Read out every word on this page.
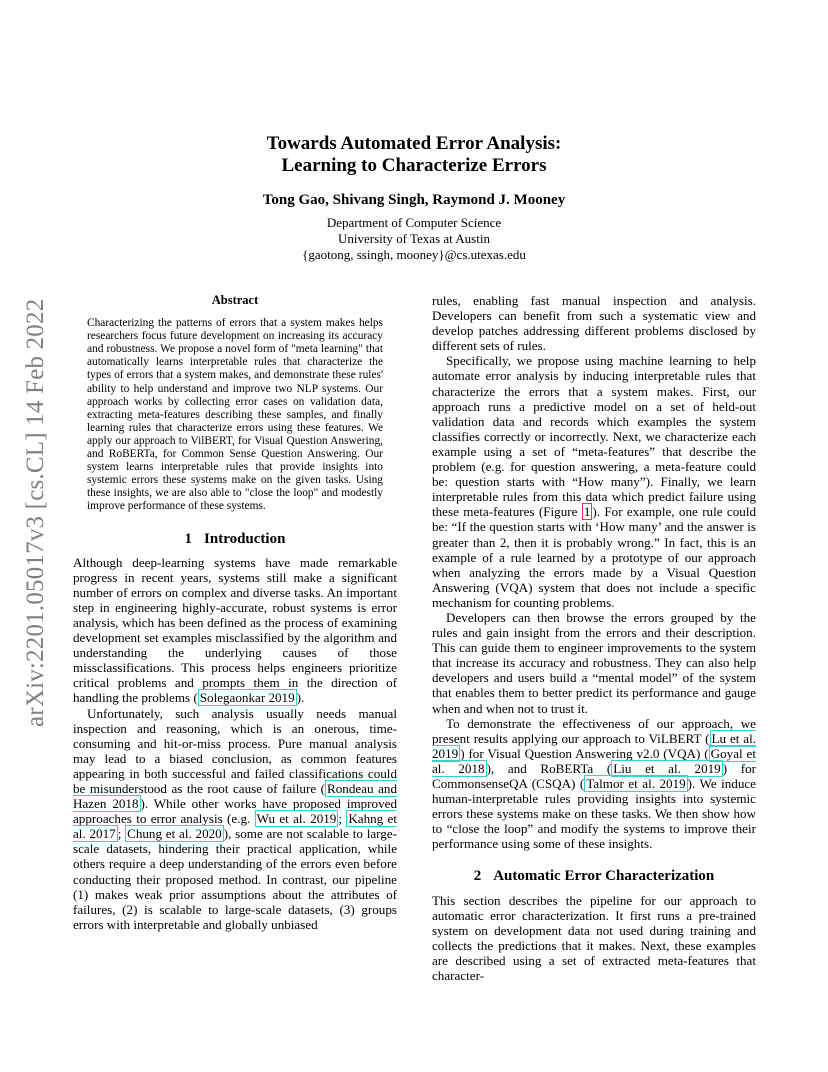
arXiv:2201.05017v3 [cs.CL] 14 Feb 2022
Towards Automated Error Analysis:
Learning to Characterize Errors
Tong Gao, Shivang Singh, Raymond J. Mooney
Department of Computer Science
University of Texas at Austin
{gaotong, ssingh, mooney}@cs.utexas.edu
Abstract

Characterizing the patterns of errors that a system makes helps researchers focus future development on increasing its accuracy and robustness. We propose a novel form of "meta learning" that automatically learns interpretable rules that characterize the types of errors that a system makes, and demonstrate these rules' ability to help understand and improve two NLP systems. Our approach works by collecting error cases on validation data, extracting meta-features describing these samples, and finally learning rules that characterize errors using these features. We apply our approach to VilBERT, for Visual Question Answering, and RoBERTa, for Common Sense Question Answering. Our system learns interpretable rules that provide insights into systemic errors these systems make on the given tasks. Using these insights, we are also able to "close the loop" and modestly improve performance of these systems.

1 Introduction

Although deep-learning systems have made remarkable progress in recent years, systems still make a significant number of errors on complex and diverse tasks. An important step in engineering highly-accurate, robust systems is error analysis, which has been defined as the process of examining development set examples misclassified by the algorithm and understanding the underlying causes of those missclassifications. This process helps engineers prioritize critical problems and prompts them in the direction of handling the problems ( Solegaonkar 2019 ).

Unfortunately, such analysis usually needs manual inspection and reasoning, which is an onerous, time-consuming and hit-or-miss process. Pure manual analysis may lead to a biased conclusion, as common features appearing in both successful and failed classifications could be misunderstood as the root cause of failure ( Rondeau and Hazen 2018 ). While other works have proposed improved approaches to error analysis (e.g. Wu et al. 2019 ; Kahng et al. 2017 ; Chung et al. 2020 ), some are not scalable to large-scale datasets, hindering their practical application, while others require a deep understanding of the errors even before conducting their proposed method. In contrast, our pipeline (1) makes weak prior assumptions about the attributes of failures, (2) is scalable to large-scale datasets, (3) groups errors with interpretable and globally unbiased

rules, enabling fast manual inspection and analysis. Developers can benefit from such a systematic view and develop patches addressing different problems disclosed by different sets of rules.

Specifically, we propose using machine learning to help automate error analysis by inducing interpretable rules that characterize the errors that a system makes. First, our approach runs a predictive model on a set of held-out validation data and records which examples the system classifies correctly or incorrectly. Next, we characterize each example using a set of “meta-features” that describe the problem (e.g. for question answering, a meta-feature could be: question starts with “How many”). Finally, we learn interpretable rules from this data which predict failure using these meta-features (Figure 1 ). For example, one rule could be: “If the question starts with ‘How many’ and the answer is greater than 2, then it is probably wrong.” In fact, this is an example of a rule learned by a prototype of our approach when analyzing the errors made by a Visual Question Answering (VQA) system that does not include a specific mechanism for counting problems.

Developers can then browse the errors grouped by the rules and gain insight from the errors and their description. This can guide them to engineer improvements to the system that increase its accuracy and robustness. They can also help developers and users build a “mental model” of the system that enables them to better predict its performance and gauge when and when not to trust it.

To demonstrate the effectiveness of our approach, we present results applying our approach to ViLBERT ( Lu et al. 2019 ) for Visual Question Answering v2.0 (VQA) ( Goyal et al. 2018 ), and RoBERTa ( Liu et al. 2019 ) for CommonsenseQA (CSQA) ( Talmor et al. 2019 ). We induce human-interpretable rules providing insights into systemic errors these systems make on these tasks. We then show how to “close the loop” and modify the systems to improve their performance using some of these insights.

2 Automatic Error Characterization

This section describes the pipeline for our approach to automatic error characterization. It first runs a pre-trained system on development data not used during training and collects the predictions that it makes. Next, these examples are described using a set of extracted meta-features that character-
